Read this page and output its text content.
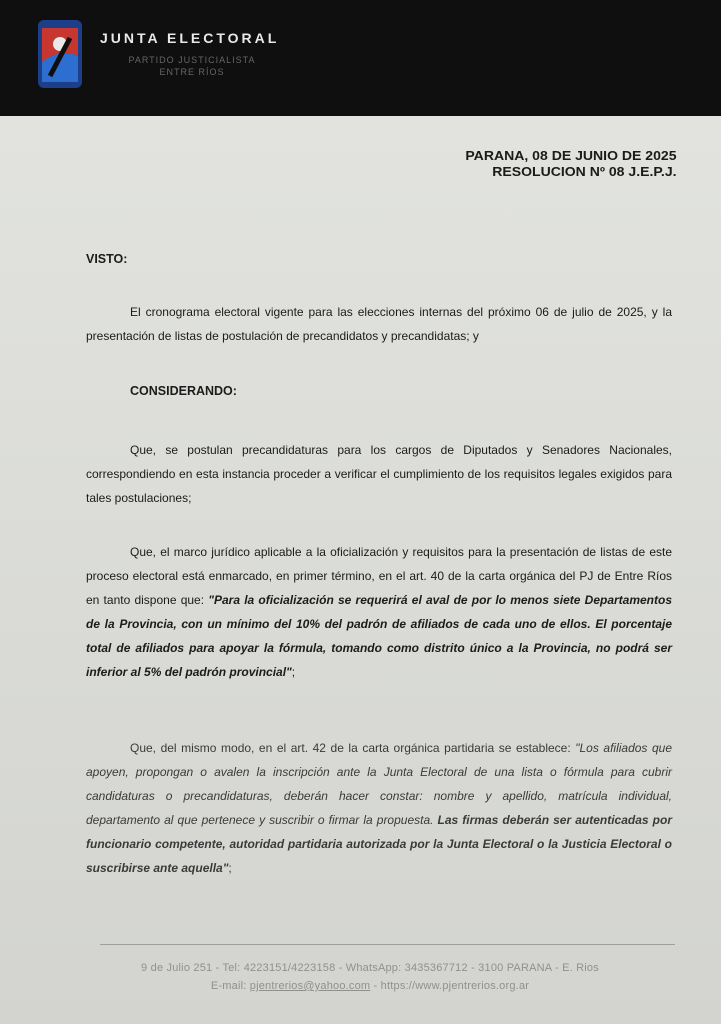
JUNTA ELECTORAL
PARTIDO JUSTICIALISTA ENTRE RÍOS
PARANA, 08 DE JUNIO DE 2025
RESOLUCION Nº 08 J.E.P.J.
VISTO:
El cronograma electoral vigente para las elecciones internas del próximo 06 de julio de 2025, y la presentación de listas de postulación de precandidatos y precandidatas; y
CONSIDERANDO:
Que, se postulan precandidaturas para los cargos de Diputados y Senadores Nacionales, correspondiendo en esta instancia proceder a verificar el cumplimiento de los requisitos legales exigidos para tales postulaciones;
Que, el marco jurídico aplicable a la oficialización y requisitos para la presentación de listas de este proceso electoral está enmarcado, en primer término, en el art. 40 de la carta orgánica del PJ de Entre Ríos en tanto dispone que: "Para la oficialización se requerirá el aval de por lo menos siete Departamentos de la Provincia, con un mínimo del 10% del padrón de afiliados de cada uno de ellos. El porcentaje total de afiliados para apoyar la fórmula, tomando como distrito único a la Provincia, no podrá ser inferior al 5% del padrón provincial";
Que, del mismo modo, en el art. 42 de la carta orgánica partidaria se establece: "Los afiliados que apoyen, propongan o avalen la inscripción ante la Junta Electoral de una lista o fórmula para cubrir candidaturas o precandidaturas, deberán hacer constar: nombre y apellido, matrícula individual, departamento al que pertenece y suscribir o firmar la propuesta. Las firmas deberán ser autenticadas por funcionario competente, autoridad partidaria autorizada por la Junta Electoral o la Justicia Electoral o suscribirse ante aquella";
9 de Julio 251 - Tel: 4223151/4223158 - WhatsApp: 3435367712 - 3100 PARANA - E. Rios
E-mail: pjentrerios@yahoo.com - https://www.pjentrerios.org.ar
